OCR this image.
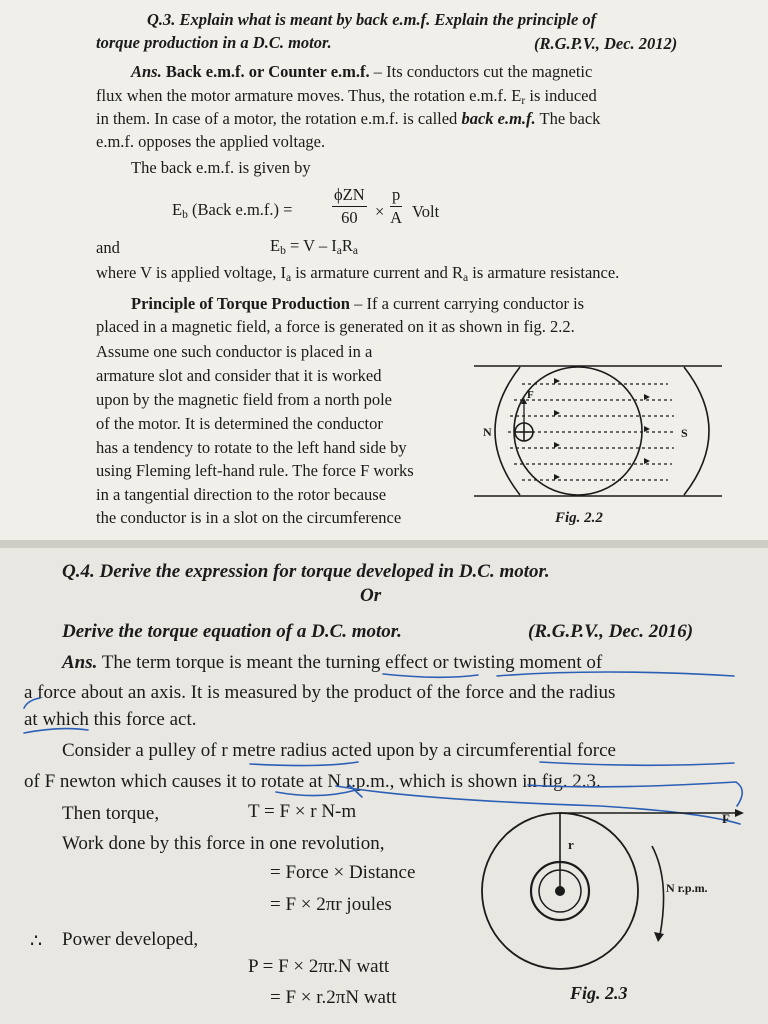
Q.3. Explain what is meant by back e.m.f. Explain the principle of
torque production in a D.C. motor.	(R.G.P.V., Dec. 2012)
Ans. Back e.m.f. or Counter e.m.f. – Its conductors cut the magnetic
flux when the motor armature moves. Thus, the rotation e.m.f. $E_r$ is induced
in them. In case of a motor, the rotation e.m.f. is called back e.m.f. The back
e.m.f. opposes the applied voltage.
The back e.m.f. is given by
$E_b$ (Back e.m.f.) =
ϕZN
60	× $\frac{p}{A}$ Volt
and	$E_b = V - I_aR_a$
where V is applied voltage, $I_a$ is armature current and $R_a$ is armature resistance.
Principle of Torque Production – If a current carrying conductor is
placed in a magnetic field, a force is generated on it as shown in fig. 2.2.
Assume one such conductor is placed in a
armature slot and consider that it is worked
upon by the magnetic field from a north pole
of the motor. It is determined the conductor
has a tendency to rotate to the left hand side by
using Fleming left-hand rule. The force F works
in a tangential direction to the rotor because
the conductor is in a slot on the circumference
N	S
F
Fig. 2.2
Q.4. Derive the expression for torque developed in D.C. motor.
Or
Derive the torque equation of a D.C. motor.	(R.G.P.V., Dec. 2016)
Ans. The term torque is meant the turning effect or twisting moment of
a force about an axis. It is measured by the product of the force and the radius
at which this force act.
Consider a pulley of r metre radius acted upon by a circumferential force
of F newton which causes it to rotate at N r.p.m., which is shown in fig. 2.3.
Then torque,	T = F × r N-m
Work done by this force in one revolution,
= Force × Distance
= F × 2πr joules
∴ Power developed,
P = F × 2πr.N watt
= F × r.2πN watt
r
F
N r.p.m.
Fig. 2.3
